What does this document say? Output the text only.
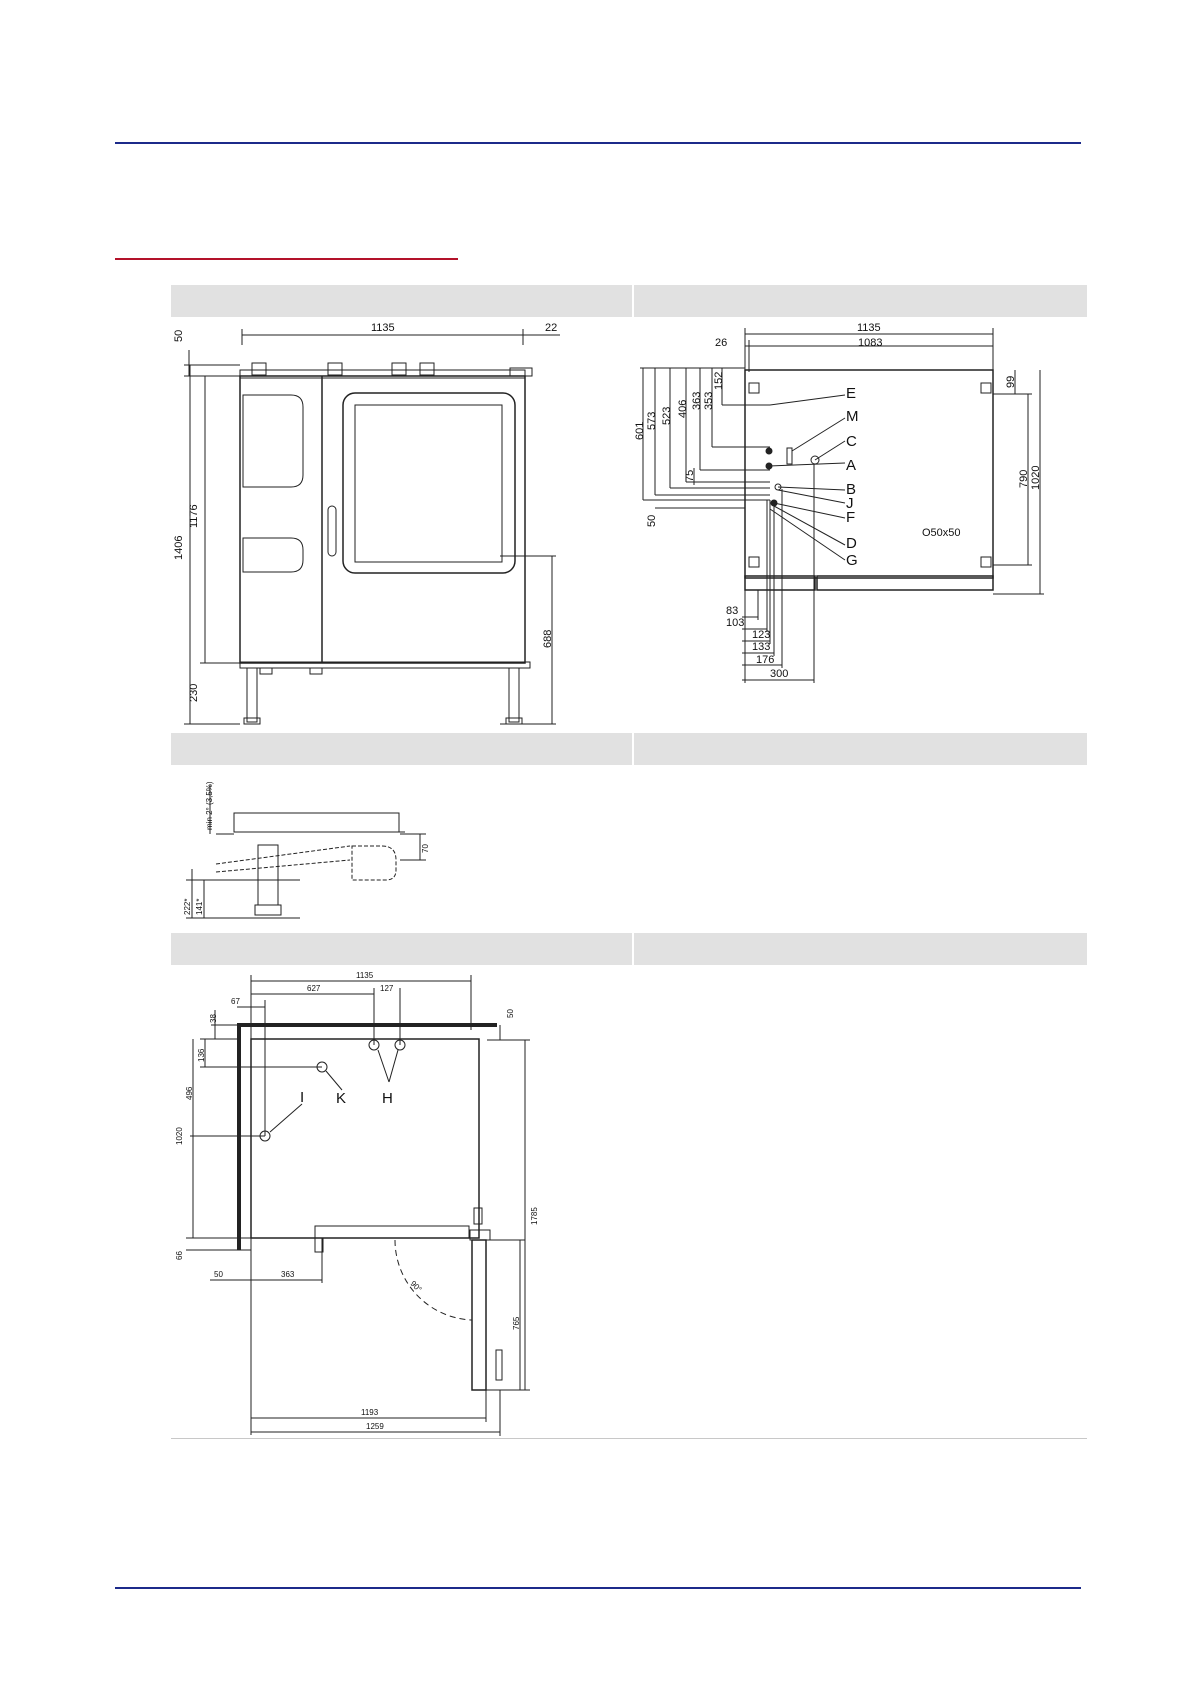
1135	22
50
1406
1176
230
688
1135
26	1083
601
573 523 406 363 353
152
75
50
99
790 1020
E
M
C
A
B
J
F
D
G
O50x50
83
103
123
133
176
300
min 2° (3,5%)
222* 141*
70
1135
627	127
67
38
50
136
496
1020
66
50	363
1785
765
1193
1259
90°
I K H
